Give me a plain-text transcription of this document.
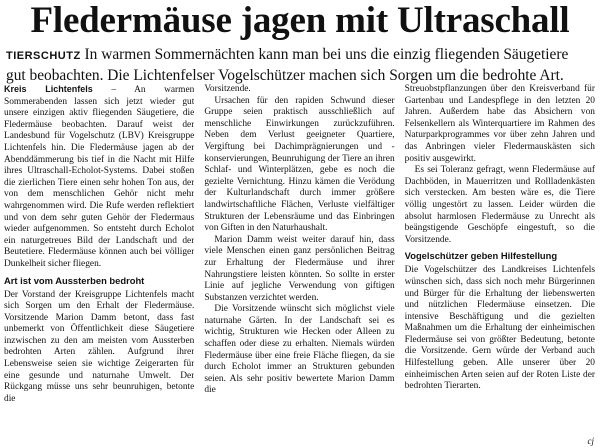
Fledermäuse jagen mit Ultraschall
TIERSCHUTZ In warmen Sommernächten kann man bei uns die einzig fliegenden Säugetiere gut beobachten. Die Lichtenfelser Vogelschützer machen sich Sorgen um die bedrohte Art.

Kreis Lichtenfels – An warmen Sommerabenden lassen sich jetzt wieder gut unsere einzigen aktiv fliegenden Säugetiere, die Fledermäuse beobachten. Darauf weist der Landesbund für Vogelschutz (LBV) Kreisgruppe Lichtenfels hin. Die Fledermäuse jagen ab der Abenddämmerung bis tief in die Nacht mit Hilfe ihres Ultraschall-Echolot-Systems. Dabei stoßen die zierlichen Tiere einen sehr hohen Ton aus, der von dem menschlichen Gehör nicht mehr wahrgenommen wird. Die Rufe werden reflektiert und von dem sehr guten Gehör der Fledermaus wieder aufgenommen. So entsteht durch Echolot ein naturgetreues Bild der Landschaft und der Beutetiere. Fledermäuse können auch bei völliger Dunkelheit sicher fliegen.

Art ist vom Aussterben bedroht

Der Vorstand der Kreisgruppe Lichtenfels macht sich Sorgen um den Erhalt der Fledermäuse. Vorsitzende Marion Damm betont, dass fast unbemerkt von Öffentlichkeit diese Säugetiere inzwischen zu den am meisten vom Aussterben bedrohten Arten zählen. Aufgrund ihrer Lebensweise seien sie wichtige Zeigerarten für eine gesunde und naturnahe Umwelt. Der Rückgang müsse uns sehr beunruhigen, betonte die

Vorsitzende.

Ursachen für den rapiden Schwund dieser Gruppe seien praktisch ausschließlich auf menschliche Einwirkungen zurückzuführen. Neben dem Verlust geeigneter Quartiere, Vergiftung bei Dachimprägnierungen und -konservierungen, Beunruhigung der Tiere an ihren Schlaf- und Winterplätzen, gebe es noch die gezielte Vernichtung. Hinzu kämen die Verödung der Kulturlandschaft durch immer größere landwirtschaftliche Flächen, Verluste vielfältiger Strukturen der Lebensräume und das Einbringen von Giften in den Naturhaushalt.

Marion Damm weist weiter darauf hin, dass viele Menschen einen ganz persönlichen Beitrag zur Erhaltung der Fledermäuse und ihrer Nahrungstiere leisten könnten. So sollte in erster Linie auf jegliche Verwendung von giftigen Substanzen verzichtet werden.

Die Vorsitzende wünscht sich möglichst viele naturnahe Gärten. In der Landschaft sei es wichtig, Strukturen wie Hecken oder Alleen zu schaffen oder diese zu erhalten. Niemals würden Fledermäuse über eine freie Fläche fliegen, da sie durch Echolot immer an Strukturen gebunden seien. Als sehr positiv bewertete Marion Damm die

Streuobstpflanzungen über den Kreisverband für Gartenbau und Landespflege in den letzten 20 Jahren. Außerdem habe das Absichern von Felsenkellern als Winterquartiere im Rahmen des Naturparkprogrammes vor über zehn Jahren und das Anbringen vieler Fledermauskästen sich positiv ausgewirkt.

Es sei Toleranz gefragt, wenn Fledermäuse auf Dachböden, in Mauerritzen und Rollladenkästen sich verstecken. Am besten wäre es, die Tiere völlig ungestört zu lassen. Leider würden die absolut harmlosen Fledermäuse zu Unrecht als beängstigende Geschöpfe eingestuft, so die Vorsitzende.

Vogelschützer geben Hilfestellung

Die Vogelschützer des Landkreises Lichtenfels wünschen sich, dass sich noch mehr Bürgerinnen und Bürger für die Erhaltung der liebenswerten und nützlichen Fledermäuse einsetzen. Die intensive Beschäftigung und die gezielten Maßnahmen um die Erhaltung der einheimischen Fledermäuse sei von größter Bedeutung, betonte die Vorsitzende. Gern würde der Verband auch Hilfestellung geben. Alle unserer über 20 einheimischen Arten seien auf der Roten Liste der bedrohten Tierarten.

cj
